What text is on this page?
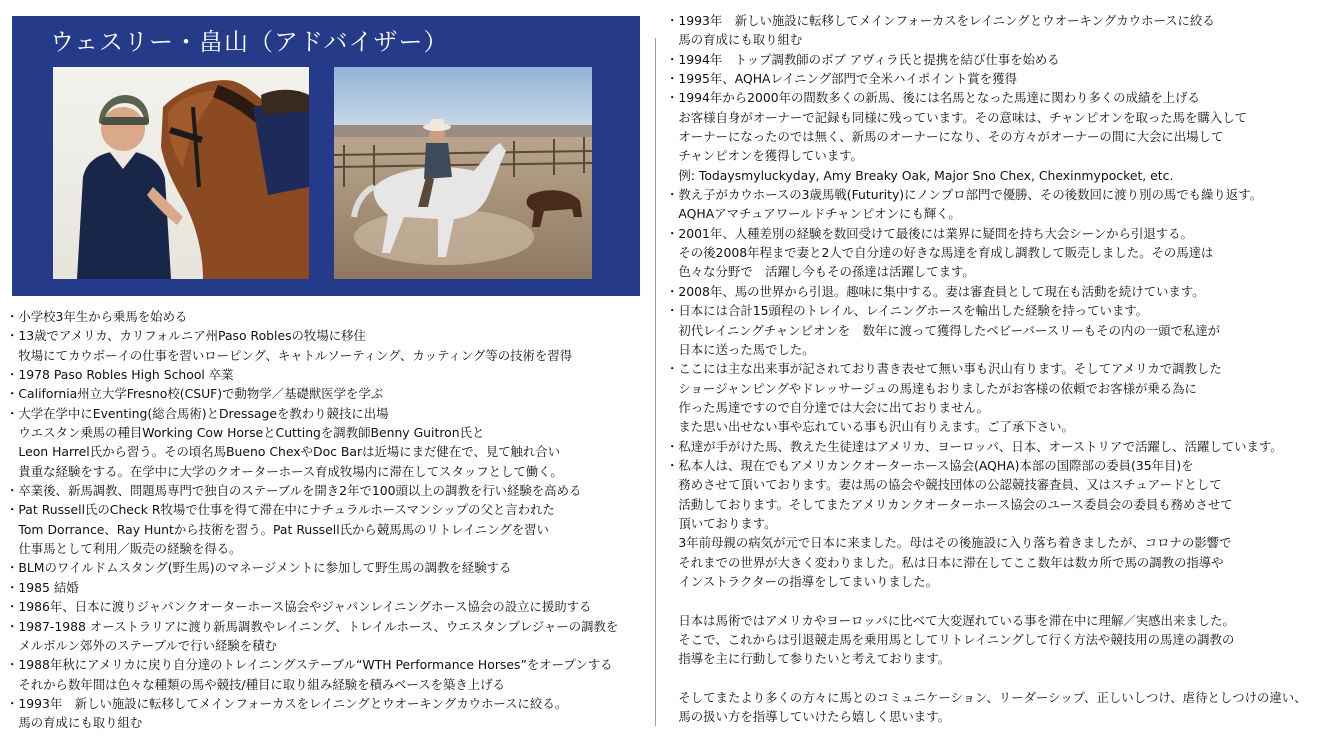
ウェスリー・畠山（アドバイザー）

・小学校3年生から乗馬を始める

・13歳でアメリカ、カリフォルニア州Paso Roblesの牧場に移住

　牧場にてカウボーイの仕事を習いローピング、キャトルソーティング、カッティング等の技術を習得

・1978 Paso Robles High School 卒業

・California州立大学Fresno校(CSUF)で動物学／基礎獣医学を学ぶ

・大学在学中にEventing(総合馬術)とDressageを教わり競技に出場

　ウエスタン乗馬の種目Working Cow HorseとCuttingを調教師Benny Guitron氏と

　Leon Harrel氏から習う。その頃名馬Bueno ChexやDoc Barは近場にまだ健在で、見て触れ合い

　貴重な経験をする。在学中に大学のクオーターホース育成牧場内に滞在してスタッフとして働く。

・卒業後、新馬調教、問題馬専門で独自のステーブルを開き2年で100頭以上の調教を行い経験を高める

・Pat Russell氏のCheck R牧場で仕事を得て滞在中にナチュラルホースマンシップの父と言われた

　Tom Dorrance、Ray Huntから技術を習う。Pat Russell氏から競馬馬のリトレイニングを習い

　仕事馬として利用／販売の経験を得る。

・BLMのワイルドムスタング(野生馬)のマネージメントに参加して野生馬の調教を経験する

・1985 結婚

・1986年、日本に渡りジャパンクオーターホース協会やジャパンレイニングホース協会の設立に援助する

・1987-1988 オーストラリアに渡り新馬調教やレイニング、トレイルホース、ウエスタンプレジャーの調教を

　メルボルン郊外のステーブルで行い経験を積む

・1988年秋にアメリカに戻り自分達のトレイニングステーブル“WTH Performance Horses”をオープンする

　それから数年間は色々な種類の馬や競技/種目に取り組み経験を積みベースを築き上げる

・1993年　新しい施設に転移してメインフォーカスをレイニングとウオーキングカウホースに絞る。

　馬の育成にも取り組む

・1993年　新しい施設に転移してメインフォーカスをレイニングとウオーキングカウホースに絞る

　馬の育成にも取り組む

・1994年　トップ調教師のボブ アヴィラ氏と提携を結び仕事を始める

・1995年、AQHAレイニング部門で全米ハイポイント賞を獲得

・1994年から2000年の間数多くの新馬、後には名馬となった馬達に関わり多くの成績を上げる

　お客様自身がオーナーで記録も同様に残っています。その意味は、チャンピオンを取った馬を購入して

　オーナーになったのでは無く、新馬のオーナーになり、その方々がオーナーの間に大会に出場して

　チャンピオンを獲得しています。

　例: Todaysmyluckyday, Amy Breaky Oak, Major Sno Chex, Chexinmypocket, etc.

・教え子がカウホースの3歳馬戦(Futurity)にノンプロ部門で優勝、その後数回に渡り別の馬でも繰り返す。

　AQHAアマチュアワールドチャンピオンにも輝く。

・2001年、人種差別の経験を数回受けて最後には業界に疑問を持ち大会シーンから引退する。

　その後2008年程まで妻と2人で自分達の好きな馬達を育成し調教して販売しました。その馬達は

　色々な分野で　活躍し今もその孫達は活躍してます。

・2008年、馬の世界から引退。趣味に集中する。妻は審査員として現在も活動を続けています。

・日本には合計15頭程のトレイル、レイニングホースを輸出した経験を持っています。

　初代レイニングチャンピオンを　数年に渡って獲得したベビーバースリーもその内の一頭で私達が

　日本に送った馬でした。

・ここには主な出来事が記されており書き表せて無い事も沢山有ります。そしてアメリカで調教した

　ショージャンピングやドレッサージュの馬達もおりましたがお客様の依頼でお客様が乗る為に

　作った馬達ですので自分達では大会に出ておりません。

　また思い出せない事や忘れている事も沢山有りえます。ご了承下さい。

・私達が手がけた馬、教えた生徒達はアメリカ、ヨーロッパ、日本、オーストリアで活躍し、活躍しています。

・私本人は、現在でもアメリカンクオーターホース協会(AQHA)本部の国際部の委員(35年目)を

　務めさせて頂いております。妻は馬の協会や競技団体の公認競技審査員、又はスチュアードとして

　活動しております。そしてまたアメリカンクオーターホース協会のユース委員会の委員も務めさせて

　頂いております。

　3年前母親の病気が元で日本に来ました。母はその後施設に入り落ち着きましたが、コロナの影響で

　それまでの世界が大きく変わりました。私は日本に滞在してここ数年は数カ所で馬の調教の指導や

　インストラクターの指導をしてまいりました。

　日本は馬術ではアメリカやヨーロッパに比べて大変遅れている事を滞在中に理解／実感出来ました。

　そこで、これからは引退競走馬を乗用馬としてリトレイニングして行く方法や競技用の馬達の調教の

　指導を主に行動して参りたいと考えております。

　そしてまたより多くの方々に馬とのコミュニケーション、リーダーシップ、正しいしつけ、虐待としつけの違い、

　馬の扱い方を指導していけたら嬉しく思います。
